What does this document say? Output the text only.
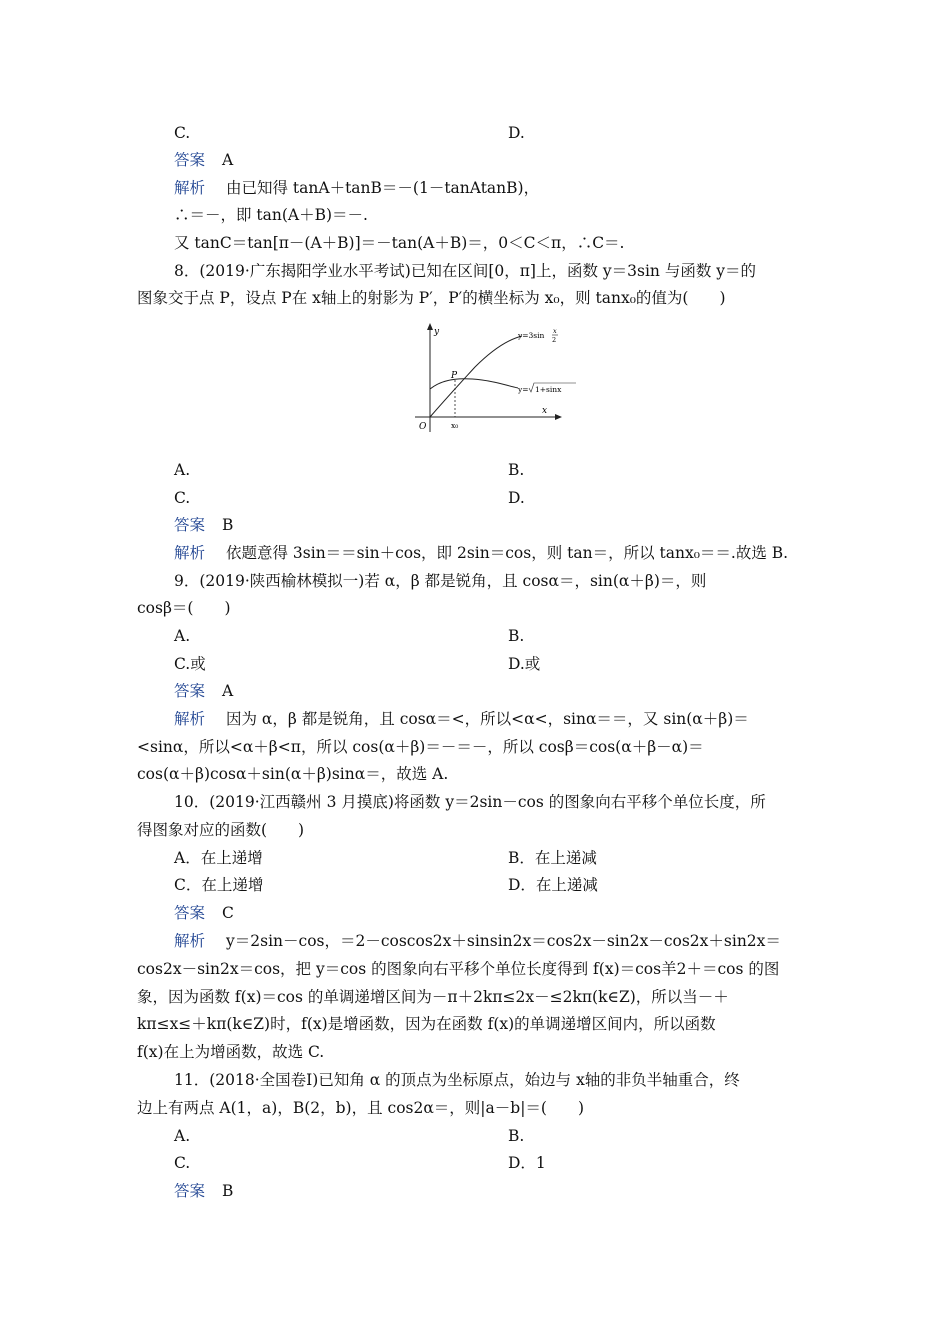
C.	D.
答案 A
解析 由已知得 tanA＋tanB＝－(1－tanAtanB)，
∴＝－，即 tan(A＋B)＝－.
又 tanC＝tan[π－(A＋B)]＝－tan(A＋B)＝，0＜C＜π，∴C＝.
8．(2019·广东揭阳学业水平考试)已知在区间[0，π]上，函数 y＝3sin 与函数 y＝的
图象交于点 P，设点 P在 x轴上的射影为 P′，P′的横坐标为 x₀，则 tanx₀的值为(　　)
y
x
O
P
x₀
y=3sin x
2
y= 1+sinx
A.	B.
C.	D.
答案 B
解析 依题意得 3sin＝＝sin＋cos，即 2sin＝cos，则 tan＝，所以 tanx₀＝＝.故选 B.
9．(2019·陕西榆林模拟一)若 α，β 都是锐角，且 cosα＝，sin(α＋β)＝，则
cosβ＝(　　)
A.	B.
C.或	D.或
答案 A
解析 因为 α，β 都是锐角，且 cosα＝<，所以<α<，sinα＝＝，又 sin(α＋β)＝
<sinα，所以<α＋β<π，所以 cos(α＋β)＝－＝－，所以 cosβ＝cos(α＋β－α)＝
cos(α＋β)cosα＋sin(α＋β)sinα＝，故选 A.
10．(2019·江西赣州 3 月摸底)将函数 y＝2sin－cos 的图象向右平移个单位长度，所
得图象对应的函数(　　)
A．在上递增	B．在上递减
C．在上递增	D．在上递减
答案 C
解析 y＝2sin－cos，＝2－coscos2x＋sinsin2x＝cos2x－sin2x－cos2x＋sin2x＝
cos2x－sin2x＝cos，把 y＝cos 的图象向右平移个单位长度得到 f(x)＝cos羊2＋＝cos 的图
象，因为函数 f(x)＝cos 的单调递增区间为－π＋2kπ≤2x－≤2kπ(k∈Z)，所以当－＋
kπ≤x≤＋kπ(k∈Z)时，f(x)是增函数，因为在函数 f(x)的单调递增区间内，所以函数
f(x)在上为增函数，故选 C.
11．(2018·全国卷Ⅰ)已知角 α 的顶点为坐标原点，始边与 x轴的非负半轴重合，终
边上有两点 A(1，a)，B(2，b)，且 cos2α＝，则|a－b|＝(　　)
A.	B.
C.	D．1
答案 B
